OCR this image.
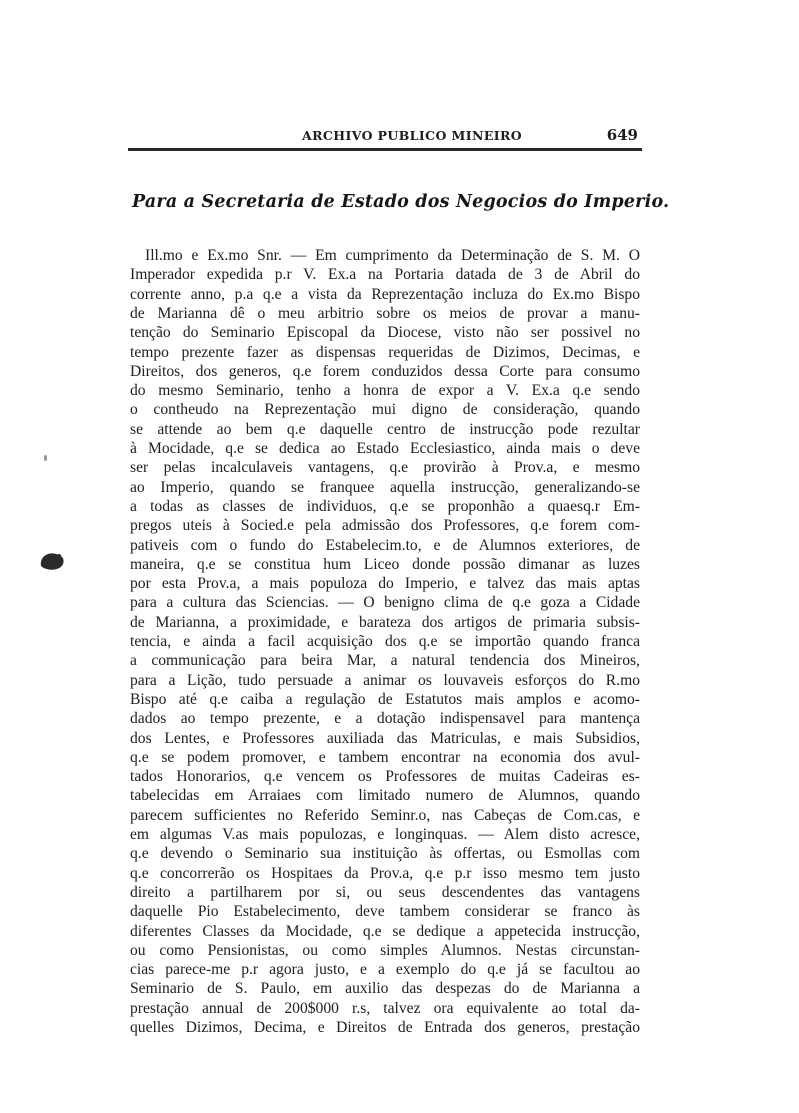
ARCHIVO PUBLICO MINEIRO	649
Para a Secretaria de Estado dos Negocios do Imperio.
Ill.mo e Ex.mo Snr. — Em cumprimento da Determinação de S. M. O
Imperador expedida p.r V. Ex.a na Portaria datada de 3 de Abril do
corrente anno, p.a q.e a vista da Reprezentação incluza do Ex.mo Bispo
de Marianna dê o meu arbitrio sobre os meios de provar a manu-
tenção do Seminario Episcopal da Diocese, visto não ser possivel no
tempo prezente fazer as dispensas requeridas de Dizimos, Decimas, e
Direitos, dos generos, q.e forem conduzidos dessa Corte para consumo
do mesmo Seminario, tenho a honra de expor a V. Ex.a q.e sendo
o contheudo na Reprezentação mui digno de consideração, quando
se attende ao bem q.e daquelle centro de instrucção pode rezultar
à Mocidade, q.e se dedica ao Estado Ecclesiastico, ainda mais o deve
ser pelas incalculaveis vantagens, q.e provirão à Prov.a, e mesmo
ao Imperio, quando se franquee aquella instrucção, generalizando-se
a todas as classes de individuos, q.e se proponhão a quaesq.r Em-
pregos uteis à Socied.e pela admissão dos Professores, q.e forem com-
pativeis com o fundo do Estabelecim.to, e de Alumnos exteriores, de
maneira, q.e se constitua hum Liceo donde possão dimanar as luzes
por esta Prov.a, a mais populoza do Imperio, e talvez das mais aptas
para a cultura das Sciencias. — O benigno clima de q.e goza a Cidade
de Marianna, a proximidade, e barateza dos artigos de primaria subsis-
tencia, e ainda a facil acquisição dos q.e se importão quando franca
a communicação para beira Mar, a natural tendencia dos Mineiros,
para a Lição, tudo persuade a animar os louvaveis esforços do R.mo
Bispo até q.e caiba a regulação de Estatutos mais amplos e acomo-
dados ao tempo prezente, e a dotação indispensavel para mantença
dos Lentes, e Professores auxiliada das Matriculas, e mais Subsidios,
q.e se podem promover, e tambem encontrar na economia dos avul-
tados Honorarios, q.e vencem os Professores de muitas Cadeiras es-
tabelecidas em Arraiaes com limitado numero de Alumnos, quando
parecem sufficientes no Referido Seminr.o, nas Cabeças de Com.cas, e
em algumas V.as mais populozas, e longinquas. — Alem disto acresce,
q.e devendo o Seminario sua instituição às offertas, ou Esmollas com
q.e concorrerão os Hospitaes da Prov.a, q.e p.r isso mesmo tem justo
direito a partilharem por si, ou seus descendentes das vantagens
daquelle Pio Estabelecimento, deve tambem considerar se franco às
diferentes Classes da Mocidade, q.e se dedique a appetecida instrucção,
ou como Pensionistas, ou como simples Alumnos. Nestas circunstan-
cias parece-me p.r agora justo, e a exemplo do q.e já se facultou ao
Seminario de S. Paulo, em auxilio das despezas do de Marianna a
prestação annual de 200$000 r.s, talvez ora equivalente ao total da-
quelles Dizimos, Decima, e Direitos de Entrada dos generos, prestação
